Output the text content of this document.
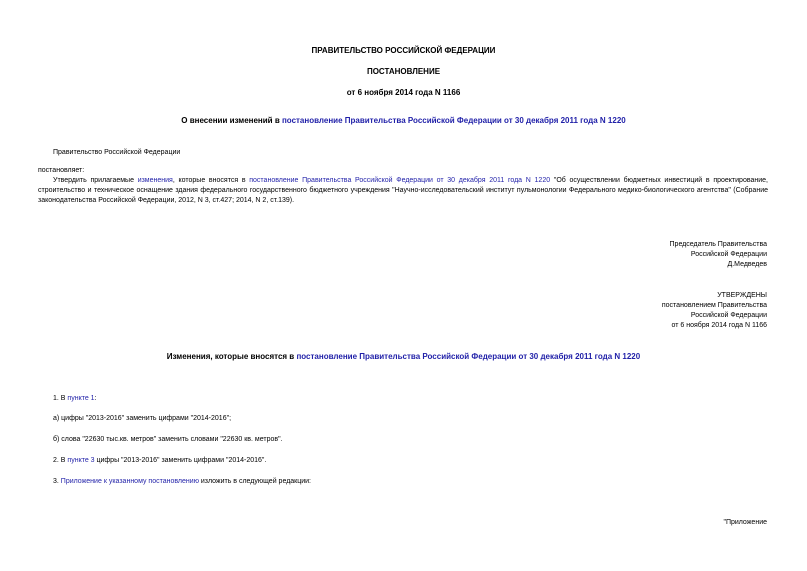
ПРАВИТЕЛЬСТВО РОССИЙСКОЙ ФЕДЕРАЦИИ
ПОСТАНОВЛЕНИЕ
от 6 ноября 2014 года N 1166
О внесении изменений в постановление Правительства Российской Федерации от 30 декабря 2011 года N 1220
Правительство Российской Федерации
постановляет:
Утвердить прилагаемые изменения, которые вносятся в постановление Правительства Российской Федерации от 30 декабря 2011 года N 1220 "Об осуществлении бюджетных инвестиций в проектирование, строительство и техническое оснащение здания федерального государственного бюджетного учреждения "Научно-исследовательский институт пульмонологии Федерального медико-биологического агентства" (Собрание законодательства Российской Федерации, 2012, N 3, ст.427; 2014, N 2, ст.139).
Председатель Правительства
Российской Федерации
Д.Медведев
УТВЕРЖДЕНЫ
постановлением Правительства
Российской Федерации
от 6 ноября 2014 года N 1166
Изменения, которые вносятся в постановление Правительства Российской Федерации от 30 декабря 2011 года N 1220
1. В пункте 1:
а) цифры "2013-2016" заменить цифрами "2014-2016";
б) слова "22630 тыс.кв. метров" заменить словами "22630 кв. метров".
2. В пункте 3 цифры "2013-2016" заменить цифрами "2014-2016".
3. Приложение к указанному постановлению изложить в следующей редакции:
"Приложение
